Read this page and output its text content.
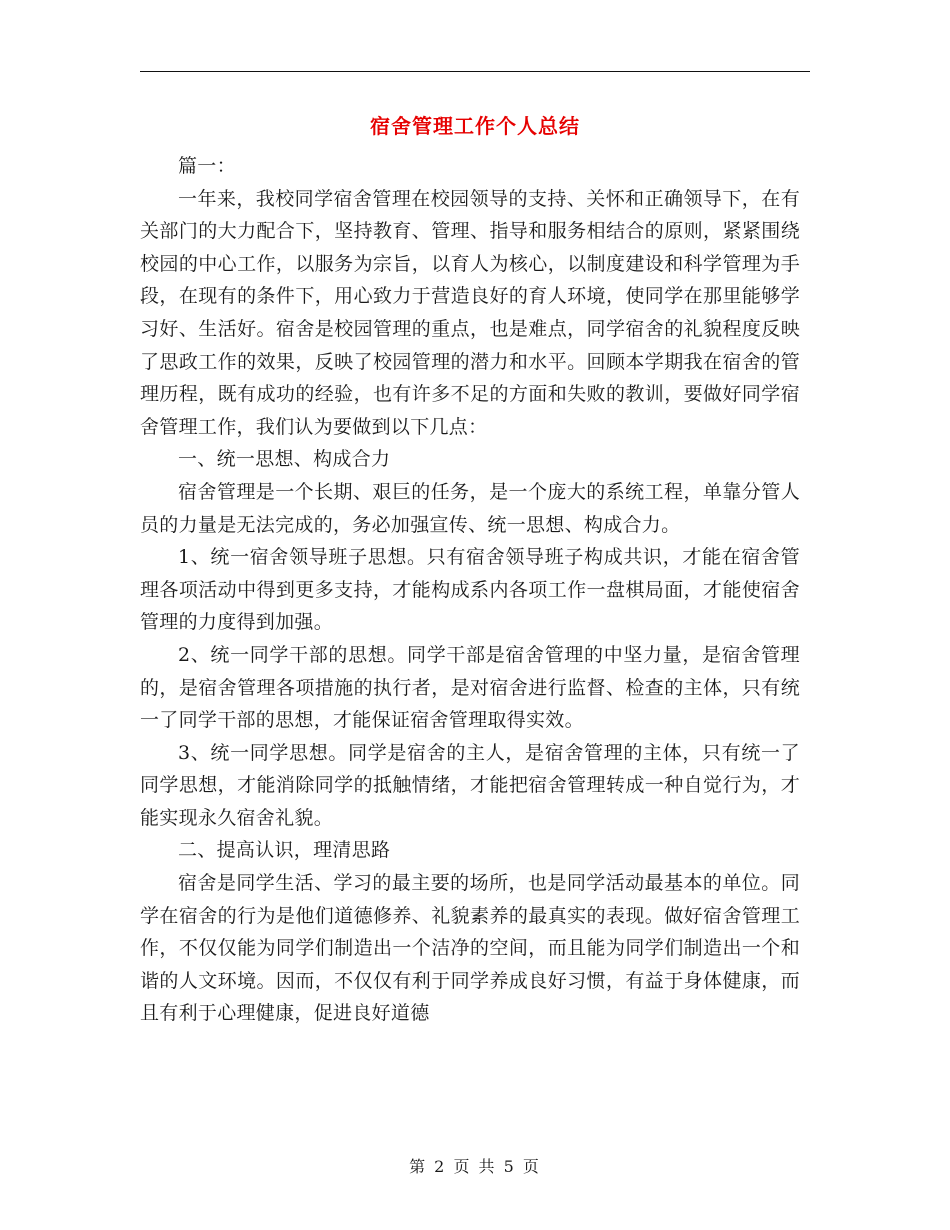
宿舍管理工作个人总结

篇一：

一年来，我校同学宿舍管理在校园领导的支持、关怀和正确领导下，在有关部门的大力配合下，坚持教育、管理、指导和服务相结合的原则，紧紧围绕校园的中心工作，以服务为宗旨，以育人为核心，以制度建设和科学管理为手段，在现有的条件下，用心致力于营造良好的育人环境，使同学在那里能够学习好、生活好。宿舍是校园管理的重点，也是难点，同学宿舍的礼貌程度反映了思政工作的效果，反映了校园管理的潜力和水平。回顾本学期我在宿舍的管理历程，既有成功的经验，也有许多不足的方面和失败的教训，要做好同学宿舍管理工作，我们认为要做到以下几点：

一、统一思想、构成合力

宿舍管理是一个长期、艰巨的任务，是一个庞大的系统工程，单靠分管人员的力量是无法完成的，务必加强宣传、统一思想、构成合力。

1、统一宿舍领导班子思想。只有宿舍领导班子构成共识，才能在宿舍管理各项活动中得到更多支持，才能构成系内各项工作一盘棋局面，才能使宿舍管理的力度得到加强。

2、统一同学干部的思想。同学干部是宿舍管理的中坚力量，是宿舍管理的，是宿舍管理各项措施的执行者，是对宿舍进行监督、检查的主体，只有统一了同学干部的思想，才能保证宿舍管理取得实效。

3、统一同学思想。同学是宿舍的主人，是宿舍管理的主体，只有统一了同学思想，才能消除同学的抵触情绪，才能把宿舍管理转成一种自觉行为，才能实现永久宿舍礼貌。

二、提高认识，理清思路

宿舍是同学生活、学习的最主要的场所，也是同学活动最基本的单位。同学在宿舍的行为是他们道德修养、礼貌素养的最真实的表现。做好宿舍管理工作，不仅仅能为同学们制造出一个洁净的空间，而且能为同学们制造出一个和谐的人文环境。因而，不仅仅有利于同学养成良好习惯，有益于身体健康，而且有利于心理健康，促进良好道德

第 2 页 共 5 页
